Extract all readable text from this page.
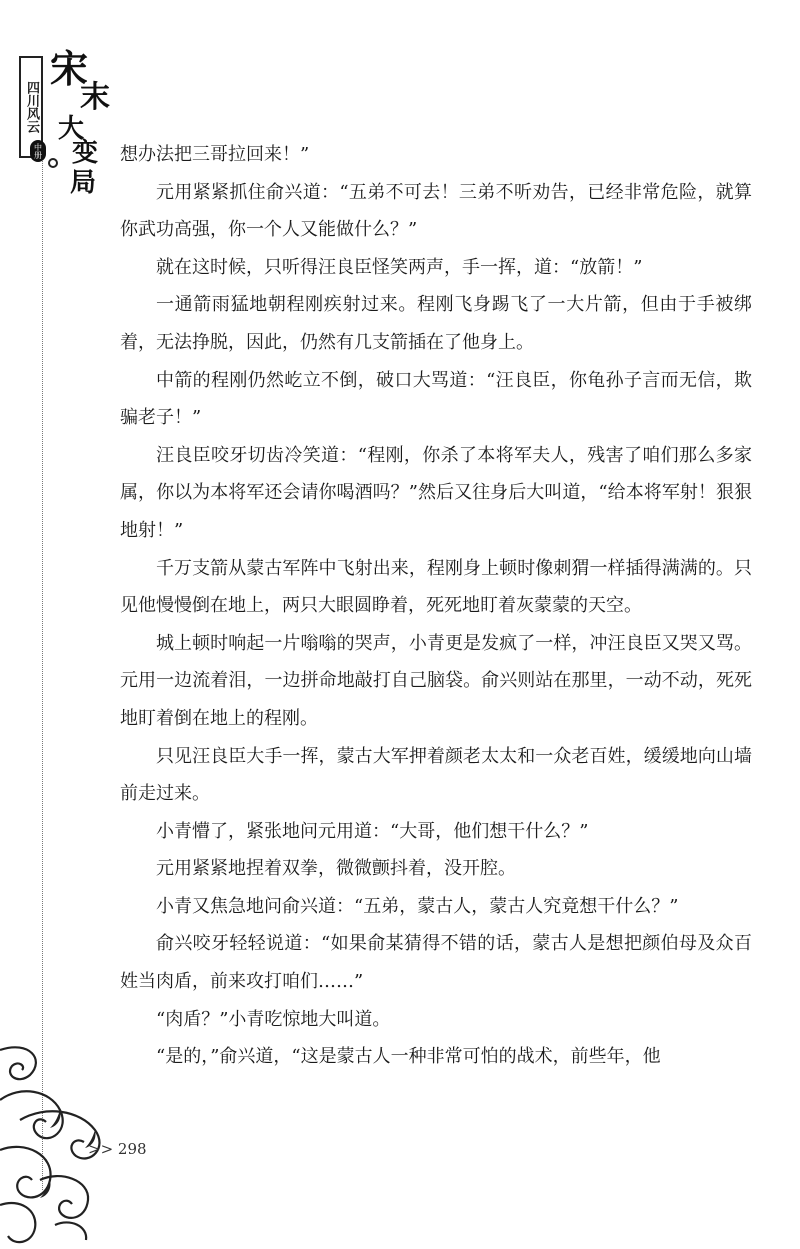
四川风云
宋
末
大
变
局
中册	想办法把三哥拉回来！”

元用紧紧抓住俞兴道：“五弟不可去！三弟不听劝告，已经非常危险，就算你武功高强，你一个人又能做什么？”

就在这时候，只听得汪良臣怪笑两声，手一挥，道：“放箭！”

一通箭雨猛地朝程刚疾射过来。程刚飞身踢飞了一大片箭，但由于手被绑着，无法挣脱，因此，仍然有几支箭插在了他身上。

中箭的程刚仍然屹立不倒，破口大骂道：“汪良臣，你龟孙子言而无信，欺骗老子！”

汪良臣咬牙切齿冷笑道：“程刚，你杀了本将军夫人，残害了咱们那么多家属，你以为本将军还会请你喝酒吗？”然后又往身后大叫道，“给本将军射！狠狠地射！”

千万支箭从蒙古军阵中飞射出来，程刚身上顿时像刺猬一样插得满满的。只见他慢慢倒在地上，两只大眼圆睁着，死死地盯着灰蒙蒙的天空。

城上顿时响起一片嗡嗡的哭声，小青更是发疯了一样，冲汪良臣又哭又骂。元用一边流着泪，一边拼命地敲打自己脑袋。俞兴则站在那里，一动不动，死死地盯着倒在地上的程刚。

只见汪良臣大手一挥，蒙古大军押着颜老太太和一众老百姓，缓缓地向山墙前走过来。

小青懵了，紧张地问元用道：“大哥，他们想干什么？”

元用紧紧地捏着双拳，微微颤抖着，没开腔。

小青又焦急地问俞兴道：“五弟，蒙古人，蒙古人究竟想干什么？”

俞兴咬牙轻轻说道：“如果俞某猜得不错的话，蒙古人是想把颜伯母及众百姓当肉盾，前来攻打咱们……”

“肉盾？”小青吃惊地大叫道。

“是的，”俞兴道，“这是蒙古人一种非常可怕的战术，前些年，他

>> 298
